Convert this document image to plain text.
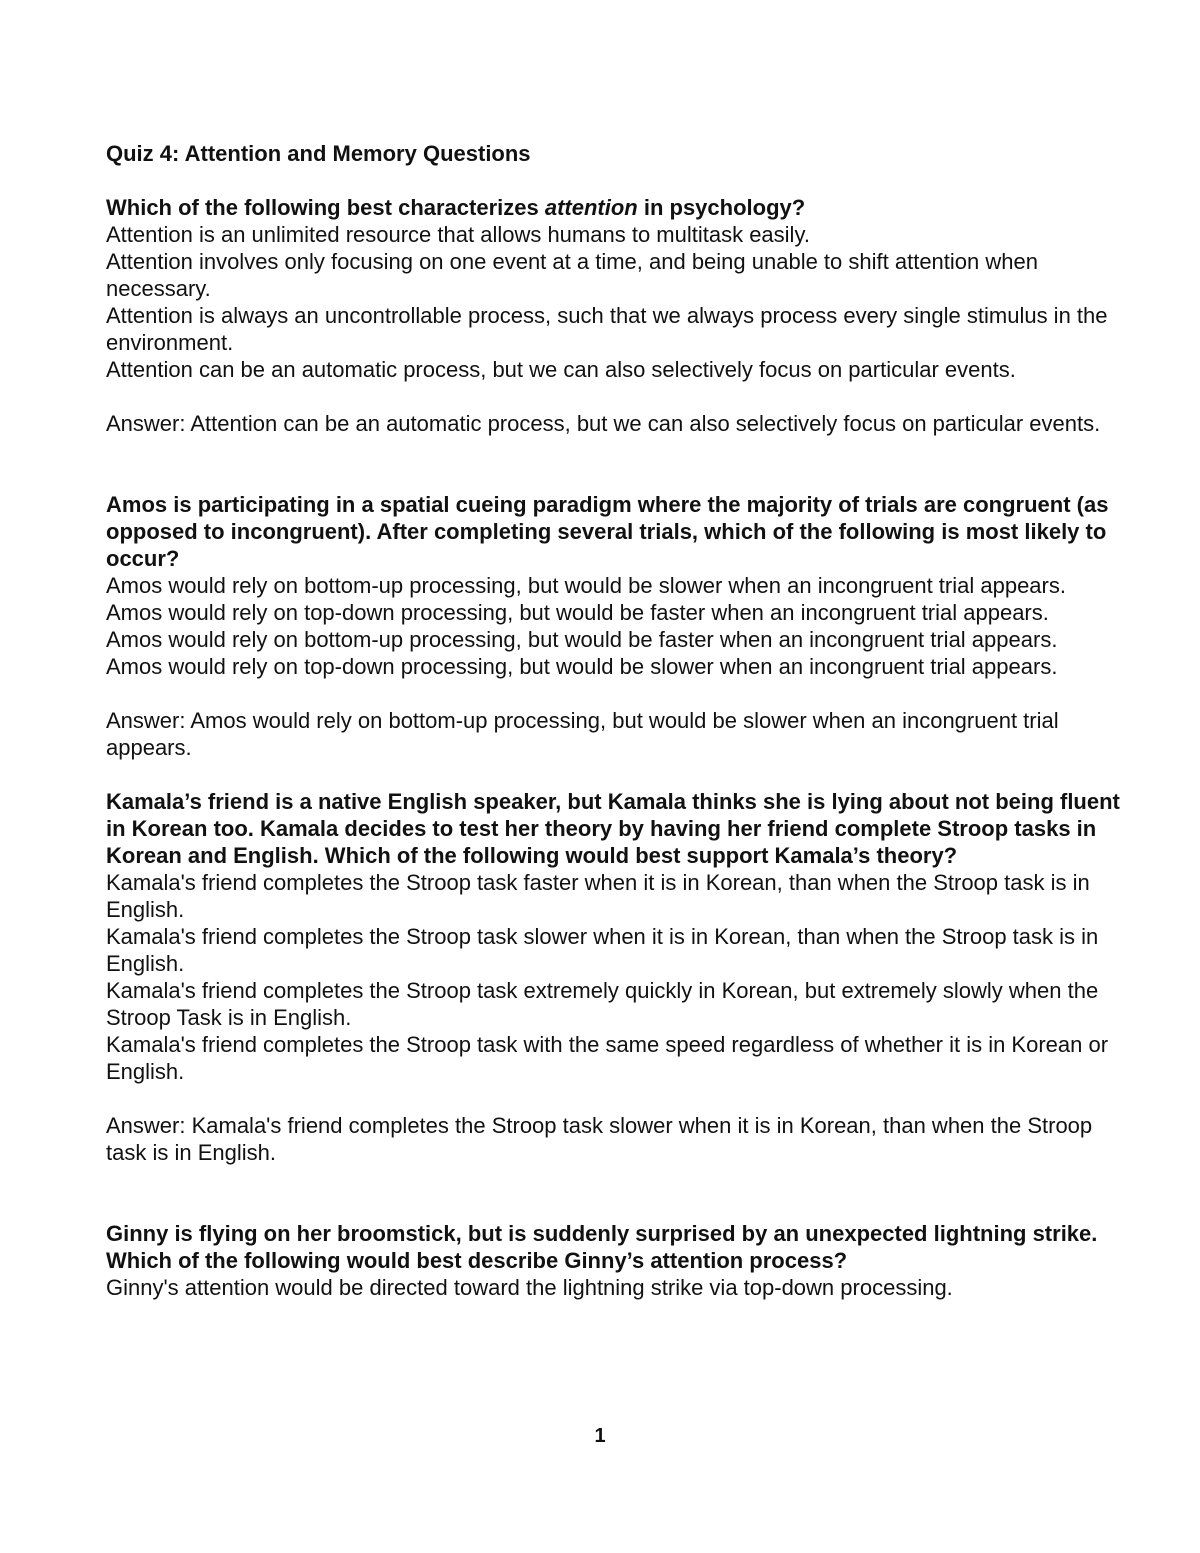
Quiz 4: Attention and Memory Questions

Which of the following best characterizes attention in psychology?

Attention is an unlimited resource that allows humans to multitask easily.

Attention involves only focusing on one event at a time, and being unable to shift attention when necessary.

Attention is always an uncontrollable process, such that we always process every single stimulus in the environment.

Attention can be an automatic process, but we can also selectively focus on particular events.

Answer: Attention can be an automatic process, but we can also selectively focus on particular events.

Amos is participating in a spatial cueing paradigm where the majority of trials are congruent (as opposed to incongruent). After completing several trials, which of the following is most likely to occur?

Amos would rely on bottom-up processing, but would be slower when an incongruent trial appears.

Amos would rely on top-down processing, but would be faster when an incongruent trial appears.

Amos would rely on bottom-up processing, but would be faster when an incongruent trial appears.

Amos would rely on top-down processing, but would be slower when an incongruent trial appears.

Answer: Amos would rely on bottom-up processing, but would be slower when an incongruent trial appears.

Kamala’s friend is a native English speaker, but Kamala thinks she is lying about not being fluent in Korean too. Kamala decides to test her theory by having her friend complete Stroop tasks in Korean and English. Which of the following would best support Kamala’s theory?

Kamala's friend completes the Stroop task faster when it is in Korean, than when the Stroop task is in English.

Kamala's friend completes the Stroop task slower when it is in Korean, than when the Stroop task is in English.

Kamala's friend completes the Stroop task extremely quickly in Korean, but extremely slowly when the Stroop Task is in English.

Kamala's friend completes the Stroop task with the same speed regardless of whether it is in Korean or English.

Answer: Kamala's friend completes the Stroop task slower when it is in Korean, than when the Stroop task is in English.

Ginny is flying on her broomstick, but is suddenly surprised by an unexpected lightning strike. Which of the following would best describe Ginny’s attention process?

Ginny's attention would be directed toward the lightning strike via top-down processing.

1
